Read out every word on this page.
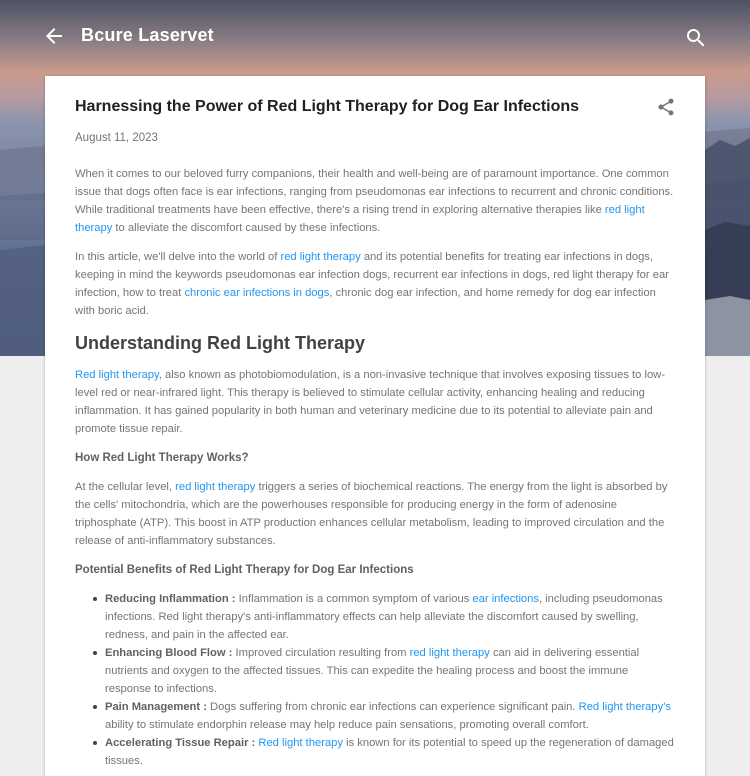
Bcure Laservet
Harnessing the Power of Red Light Therapy for Dog Ear Infections
August 11, 2023

When it comes to our beloved furry companions, their health and well-being are of paramount importance. One common issue that dogs often face is ear infections, ranging from pseudomonas ear infections to recurrent and chronic conditions. While traditional treatments have been effective, there's a rising trend in exploring alternative therapies like red light therapy to alleviate the discomfort caused by these infections.

In this article, we'll delve into the world of red light therapy and its potential benefits for treating ear infections in dogs, keeping in mind the keywords pseudomonas ear infection dogs, recurrent ear infections in dogs, red light therapy for ear infection, how to treat chronic ear infections in dogs, chronic dog ear infection, and home remedy for dog ear infection with boric acid.

Understanding Red Light Therapy

Red light therapy, also known as photobiomodulation, is a non-invasive technique that involves exposing tissues to low-level red or near-infrared light. This therapy is believed to stimulate cellular activity, enhancing healing and reducing inflammation. It has gained popularity in both human and veterinary medicine due to its potential to alleviate pain and promote tissue repair.

How Red Light Therapy Works?

At the cellular level, red light therapy triggers a series of biochemical reactions. The energy from the light is absorbed by the cells' mitochondria, which are the powerhouses responsible for producing energy in the form of adenosine triphosphate (ATP). This boost in ATP production enhances cellular metabolism, leading to improved circulation and the release of anti-inflammatory substances.

Potential Benefits of Red Light Therapy for Dog Ear Infections
Reducing Inflammation : Inflammation is a common symptom of various ear infections, including pseudomonas infections. Red light therapy's anti-inflammatory effects can help alleviate the discomfort caused by swelling, redness, and pain in the affected ear.
Enhancing Blood Flow : Improved circulation resulting from red light therapy can aid in delivering essential nutrients and oxygen to the affected tissues. This can expedite the healing process and boost the immune response to infections.
Pain Management : Dogs suffering from chronic ear infections can experience significant pain. Red light therapy's ability to stimulate endorphin release may help reduce pain sensations, promoting overall comfort.
Accelerating Tissue Repair : Red light therapy is known for its potential to speed up the regeneration of damaged tissues.
